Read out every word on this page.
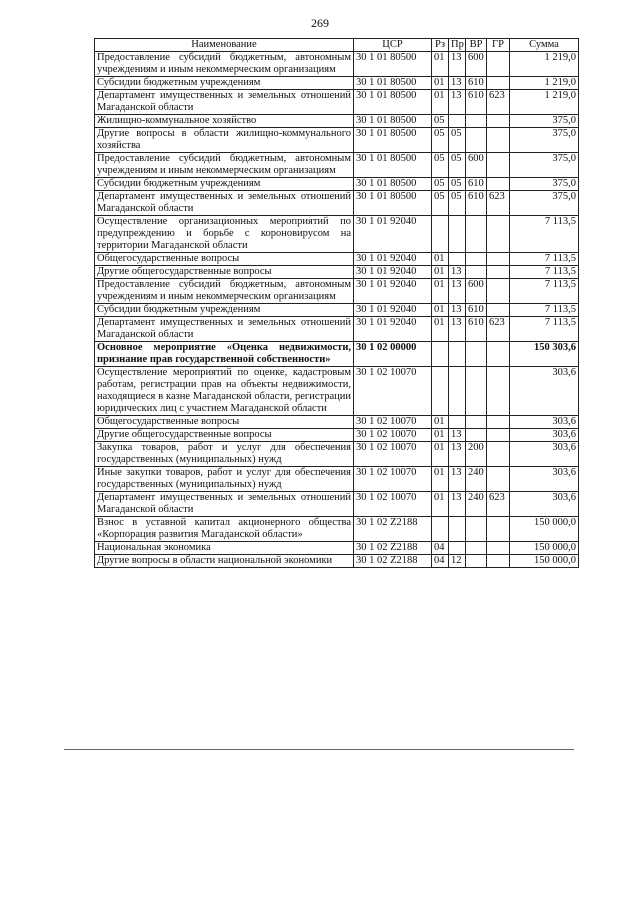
269
Наименование	ЦСР	Рз	Пр	ВР	ГР	Сумма
Предоставление субсидий бюджетным, автономным учреждениям и иным некоммерческим организациям	30 1 01 80500	01	13	600		1 219,0
Субсидии бюджетным учреждениям	30 1 01 80500	01	13	610		1 219,0
Департамент имущественных и земельных отношений Магаданской области	30 1 01 80500	01	13	610	623	1 219,0
Жилищно-коммунальное хозяйство	30 1 01 80500	05				375,0
Другие вопросы в области жилищно-коммунального хозяйства	30 1 01 80500	05	05			375,0
Предоставление субсидий бюджетным, автономным учреждениям и иным некоммерческим организациям	30 1 01 80500	05	05	600		375,0
Субсидии бюджетным учреждениям	30 1 01 80500	05	05	610		375,0
Департамент имущественных и земельных отношений Магаданской области	30 1 01 80500	05	05	610	623	375,0
Осуществление организационных мероприятий по предупреждению и борьбе с короновирусом на территории Магаданской области	30 1 01 92040					7 113,5
Общегосударственные вопросы	30 1 01 92040	01				7 113,5
Другие общегосударственные вопросы	30 1 01 92040	01	13			7 113,5
Предоставление субсидий бюджетным, автономным учреждениям и иным некоммерческим организациям	30 1 01 92040	01	13	600		7 113,5
Субсидии бюджетным учреждениям	30 1 01 92040	01	13	610		7 113,5
Департамент имущественных и земельных отношений Магаданской области	30 1 01 92040	01	13	610	623	7 113,5
Основное мероприятие «Оценка недвижимости, признание прав государственной собственности»	30 1 02 00000					150 303,6
Осуществление мероприятий по оценке, кадастровым работам, регистрации прав на объекты недвижимости, находящиеся в казне Магаданской области, регистрации юридических лиц с участием Магаданской области	30 1 02 10070					303,6
Общегосударственные вопросы	30 1 02 10070	01				303,6
Другие общегосударственные вопросы	30 1 02 10070	01	13			303,6
Закупка товаров, работ и услуг для обеспечения государственных (муниципальных) нужд	30 1 02 10070	01	13	200		303,6
Иные закупки товаров, работ и услуг для обеспечения государственных (муниципальных) нужд	30 1 02 10070	01	13	240		303,6
Департамент имущественных и земельных отношений Магаданской области	30 1 02 10070	01	13	240	623	303,6
Взнос в уставной капитал акционерного общества «Корпорация развития Магаданской области»	30 1 02 Z2188					150 000,0
Национальная экономика	30 1 02 Z2188	04				150 000,0
Другие вопросы в области национальной экономики	30 1 02 Z2188	04	12			150 000,0
